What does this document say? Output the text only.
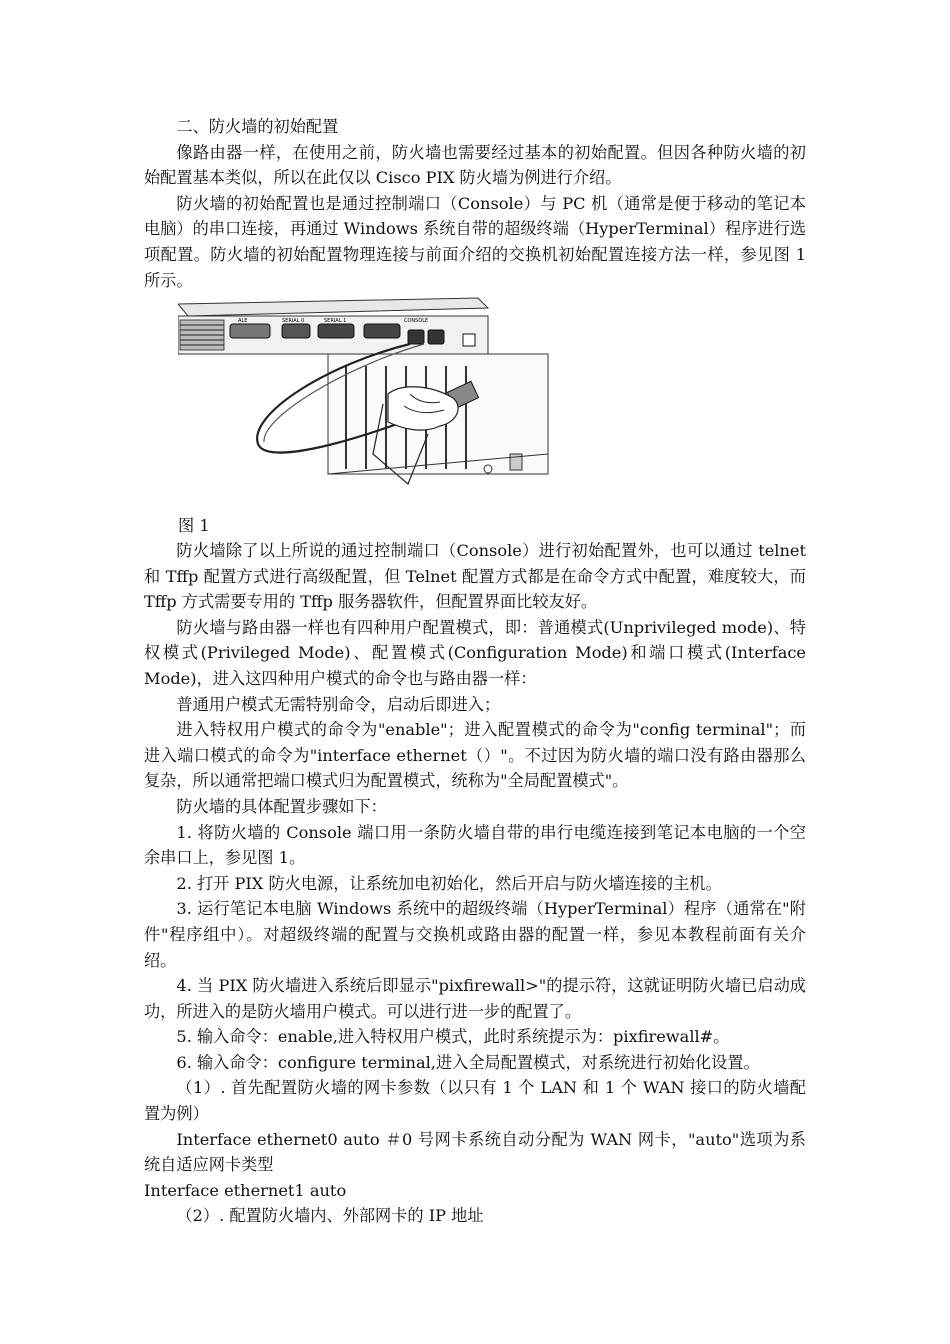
二、防火墙的初始配置

像路由器一样，在使用之前，防火墙也需要经过基本的初始配置。但因各种防火墙的初始配置基本类似，所以在此仅以 Cisco PIX 防火墙为例进行介绍。

防火墙的初始配置也是通过控制端口（Console）与 PC 机（通常是便于移动的笔记本电脑）的串口连接，再通过 Windows 系统自带的超级终端（HyperTerminal）程序进行选项配置。防火墙的初始配置物理连接与前面介绍的交换机初始配置连接方法一样，参见图 1 所示。

ALE	SERIAL 0	SERIAL 1	CONSOLE
图 1

防火墙除了以上所说的通过控制端口（Console）进行初始配置外，也可以通过 telnet 和 Tffp 配置方式进行高级配置，但 Telnet 配置方式都是在命令方式中配置，难度较大，而 Tffp 方式需要专用的 Tffp 服务器软件，但配置界面比较友好。

防火墙与路由器一样也有四种用户配置模式，即：普通模式(Unprivileged mode)、特权模式(Privileged Mode)、配置模式(Configuration Mode)和端口模式(Interface Mode)，进入这四种用户模式的命令也与路由器一样：

普通用户模式无需特别命令，启动后即进入；

进入特权用户模式的命令为"enable"；进入配置模式的命令为"config terminal"；而进入端口模式的命令为"interface ethernet（）"。不过因为防火墙的端口没有路由器那么复杂，所以通常把端口模式归为配置模式，统称为"全局配置模式"。

防火墙的具体配置步骤如下：

1. 将防火墙的 Console 端口用一条防火墙自带的串行电缆连接到笔记本电脑的一个空余串口上，参见图 1。

2. 打开 PIX 防火电源，让系统加电初始化，然后开启与防火墙连接的主机。

3. 运行笔记本电脑 Windows 系统中的超级终端（HyperTerminal）程序（通常在"附件"程序组中）。对超级终端的配置与交换机或路由器的配置一样，参见本教程前面有关介绍。

4. 当 PIX 防火墙进入系统后即显示"pixfirewall>"的提示符，这就证明防火墙已启动成功，所进入的是防火墙用户模式。可以进行进一步的配置了。

5. 输入命令：enable,进入特权用户模式，此时系统提示为：pixfirewall#。

6. 输入命令：configure terminal,进入全局配置模式，对系统进行初始化设置。

（1）. 首先配置防火墙的网卡参数（以只有 1 个 LAN 和 1 个 WAN 接口的防火墙配置为例）

Interface ethernet0 auto ＃0 号网卡系统自动分配为 WAN 网卡，"auto"选项为系统自适应网卡类型

Interface ethernet1 auto

（2）. 配置防火墙内、外部网卡的 IP 地址
